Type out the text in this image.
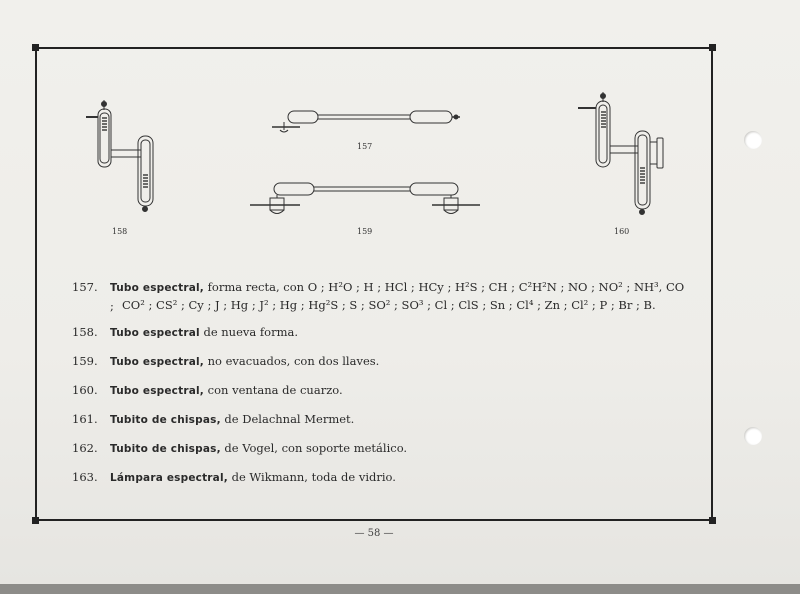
157
158	159	160
157.	Tubo espectral, forma recta, con O ; H²O ; H ; HCl ; HCy ; H²S ; CH ; C²H²N ; NO ; NO² ; NH³, CO ; CO² ; CS² ; Cy ; J ; Hg ; J² ; Hg ; Hg²S ; S ; SO² ; SO³ ; Cl ; ClS ; Sn ; Cl⁴ ; Zn ; Cl² ; P ; Br ; B.
158.	Tubo espectral de nueva forma.
159.	Tubo espectral, no evacuados, con dos llaves.
160.	Tubo espectral, con ventana de cuarzo.
161.	Tubito de chispas, de Delachnal Mermet.
162.	Tubito de chispas, de Vogel, con soporte metálico.
163.	Lámpara espectral, de Wikmann, toda de vidrio.
— 58 —
